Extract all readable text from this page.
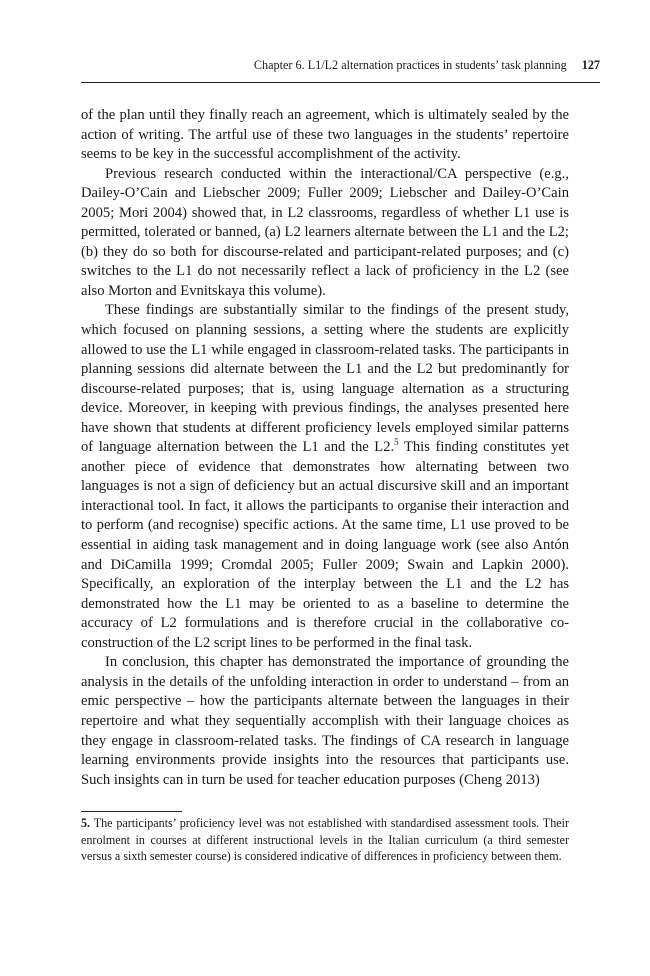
Chapter 6. L1/L2 alternation practices in students’ task planning 127

of the plan until they finally reach an agreement, which is ultimately sealed by the action of writing. The artful use of these two languages in the students’ repertoire seems to be key in the successful accomplishment of the activity.

Previous research conducted within the interactional/CA perspective (e.g., Dailey-O’Cain and Liebscher 2009; Fuller 2009; Liebscher and Dailey-O’Cain 2005; Mori 2004) showed that, in L2 classrooms, regardless of whether L1 use is permitted, tolerated or banned, (a) L2 learners alternate between the L1 and the L2; (b) they do so both for discourse-related and participant-related purposes; and (c) switches to the L1 do not necessarily reflect a lack of proficiency in the L2 (see also Morton and Evnitskaya this volume).

These findings are substantially similar to the findings of the present study, which focused on planning sessions, a setting where the students are explicitly allowed to use the L1 while engaged in classroom-related tasks. The participants in planning sessions did alternate between the L1 and the L2 but predominantly for discourse-related purposes; that is, using language alternation as a structuring device. Moreover, in keeping with previous findings, the analyses presented here have shown that students at different proficiency levels employed similar patterns of language alternation between the L1 and the L2.$^5$ This finding constitutes yet another piece of evidence that demonstrates how alternating between two languages is not a sign of deficiency but an actual discursive skill and an important interactional tool. In fact, it allows the participants to organise their interaction and to perform (and recognise) specific actions. At the same time, L1 use proved to be essential in aiding task management and in doing language work (see also Antón and DiCamilla 1999; Cromdal 2005; Fuller 2009; Swain and Lapkin 2000). Specifically, an exploration of the interplay between the L1 and the L2 has demonstrated how the L1 may be oriented to as a baseline to determine the accuracy of L2 formulations and is therefore crucial in the collaborative co-construction of the L2 script lines to be performed in the final task.

In conclusion, this chapter has demonstrated the importance of grounding the analysis in the details of the unfolding interaction in order to understand – from an emic perspective – how the participants alternate between the languages in their repertoire and what they sequentially accomplish with their language choices as they engage in classroom-related tasks. The findings of CA research in language learning environments provide insights into the resources that participants use. Such insights can in turn be used for teacher education purposes (Cheng 2013)

5. The participants’ proficiency level was not established with standardised assessment tools. Their enrolment in courses at different instructional levels in the Italian curriculum (a third semester versus a sixth semester course) is considered indicative of differences in proficiency between them.
